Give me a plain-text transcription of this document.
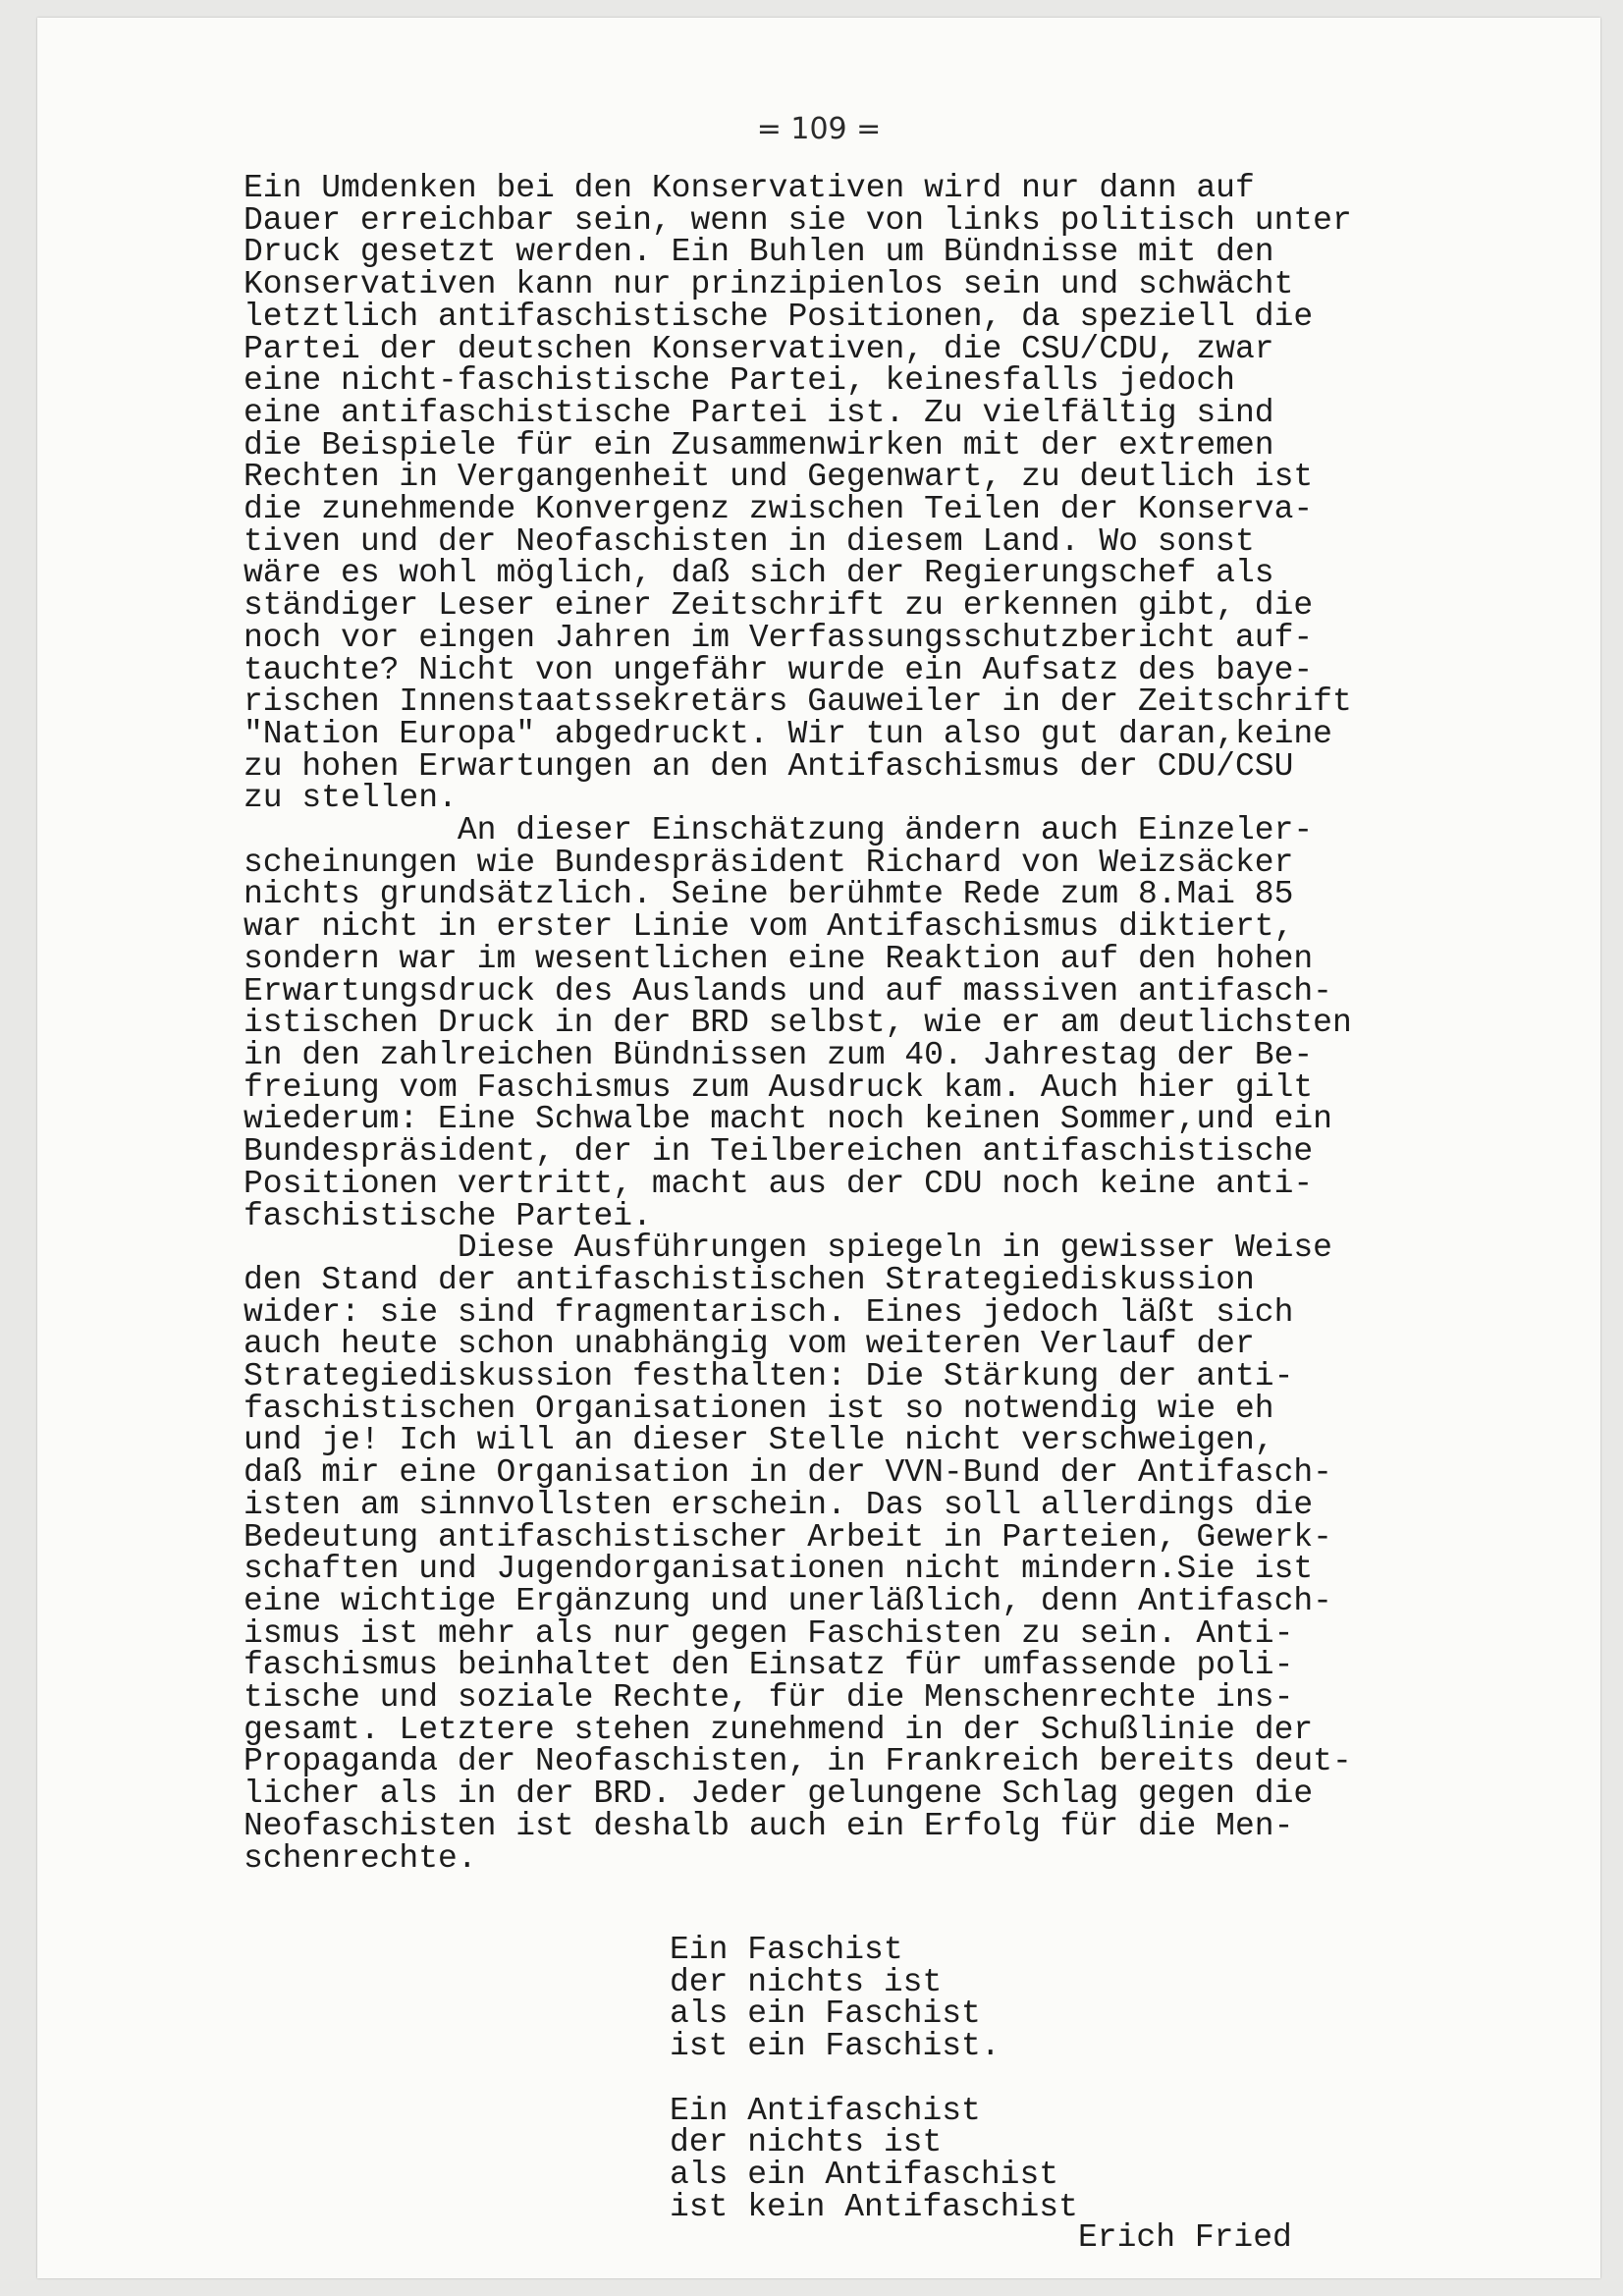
= 109 =
Ein Umdenken bei den Konservativen wird nur dann auf
Dauer erreichbar sein, wenn sie von links politisch unter
Druck gesetzt werden. Ein Buhlen um Bündnisse mit den
Konservativen kann nur prinzipienlos sein und schwächt
letztlich antifaschistische Positionen, da speziell die
Partei der deutschen Konservativen, die CSU/CDU, zwar
eine nicht-faschistische Partei, keinesfalls jedoch
eine antifaschistische Partei ist. Zu vielfältig sind
die Beispiele für ein Zusammenwirken mit der extremen
Rechten in Vergangenheit und Gegenwart, zu deutlich ist
die zunehmende Konvergenz zwischen Teilen der Konserva-
tiven und der Neofaschisten in diesem Land. Wo sonst
wäre es wohl möglich, daß sich der Regierungschef als
ständiger Leser einer Zeitschrift zu erkennen gibt, die
noch vor eingen Jahren im Verfassungsschutzbericht auf-
tauchte? Nicht von ungefähr wurde ein Aufsatz des baye-
rischen Innenstaatssekretärs Gauweiler in der Zeitschrift
"Nation Europa" abgedruckt. Wir tun also gut daran,keine
zu hohen Erwartungen an den Antifaschismus der CDU/CSU
zu stellen.
An dieser Einschätzung ändern auch Einzeler-
scheinungen wie Bundespräsident Richard von Weizsäcker
nichts grundsätzlich. Seine berühmte Rede zum 8.Mai 85
war nicht in erster Linie vom Antifaschismus diktiert,
sondern war im wesentlichen eine Reaktion auf den hohen
Erwartungsdruck des Auslands und auf massiven antifasch-
istischen Druck in der BRD selbst, wie er am deutlichsten
in den zahlreichen Bündnissen zum 40. Jahrestag der Be-
freiung vom Faschismus zum Ausdruck kam. Auch hier gilt
wiederum: Eine Schwalbe macht noch keinen Sommer,und ein
Bundespräsident, der in Teilbereichen antifaschistische
Positionen vertritt, macht aus der CDU noch keine anti-
faschistische Partei.
Diese Ausführungen spiegeln in gewisser Weise
den Stand der antifaschistischen Strategiediskussion
wider: sie sind fragmentarisch. Eines jedoch läßt sich
auch heute schon unabhängig vom weiteren Verlauf der
Strategiediskussion festhalten: Die Stärkung der anti-
faschistischen Organisationen ist so notwendig wie eh
und je! Ich will an dieser Stelle nicht verschweigen,
daß mir eine Organisation in der VVN-Bund der Antifasch-
isten am sinnvollsten erschein. Das soll allerdings die
Bedeutung antifaschistischer Arbeit in Parteien, Gewerk-
schaften und Jugendorganisationen nicht mindern.Sie ist
eine wichtige Ergänzung und unerläßlich, denn Antifasch-
ismus ist mehr als nur gegen Faschisten zu sein. Anti-
faschismus beinhaltet den Einsatz für umfassende poli-
tische und soziale Rechte, für die Menschenrechte ins-
gesamt. Letztere stehen zunehmend in der Schußlinie der
Propaganda der Neofaschisten, in Frankreich bereits deut-
licher als in der BRD. Jeder gelungene Schlag gegen die
Neofaschisten ist deshalb auch ein Erfolg für die Men-
schenrechte.
Ein Faschist
der nichts ist
als ein Faschist
ist ein Faschist.
Ein Antifaschist
der nichts ist
als ein Antifaschist
ist kein Antifaschist
Erich Fried
